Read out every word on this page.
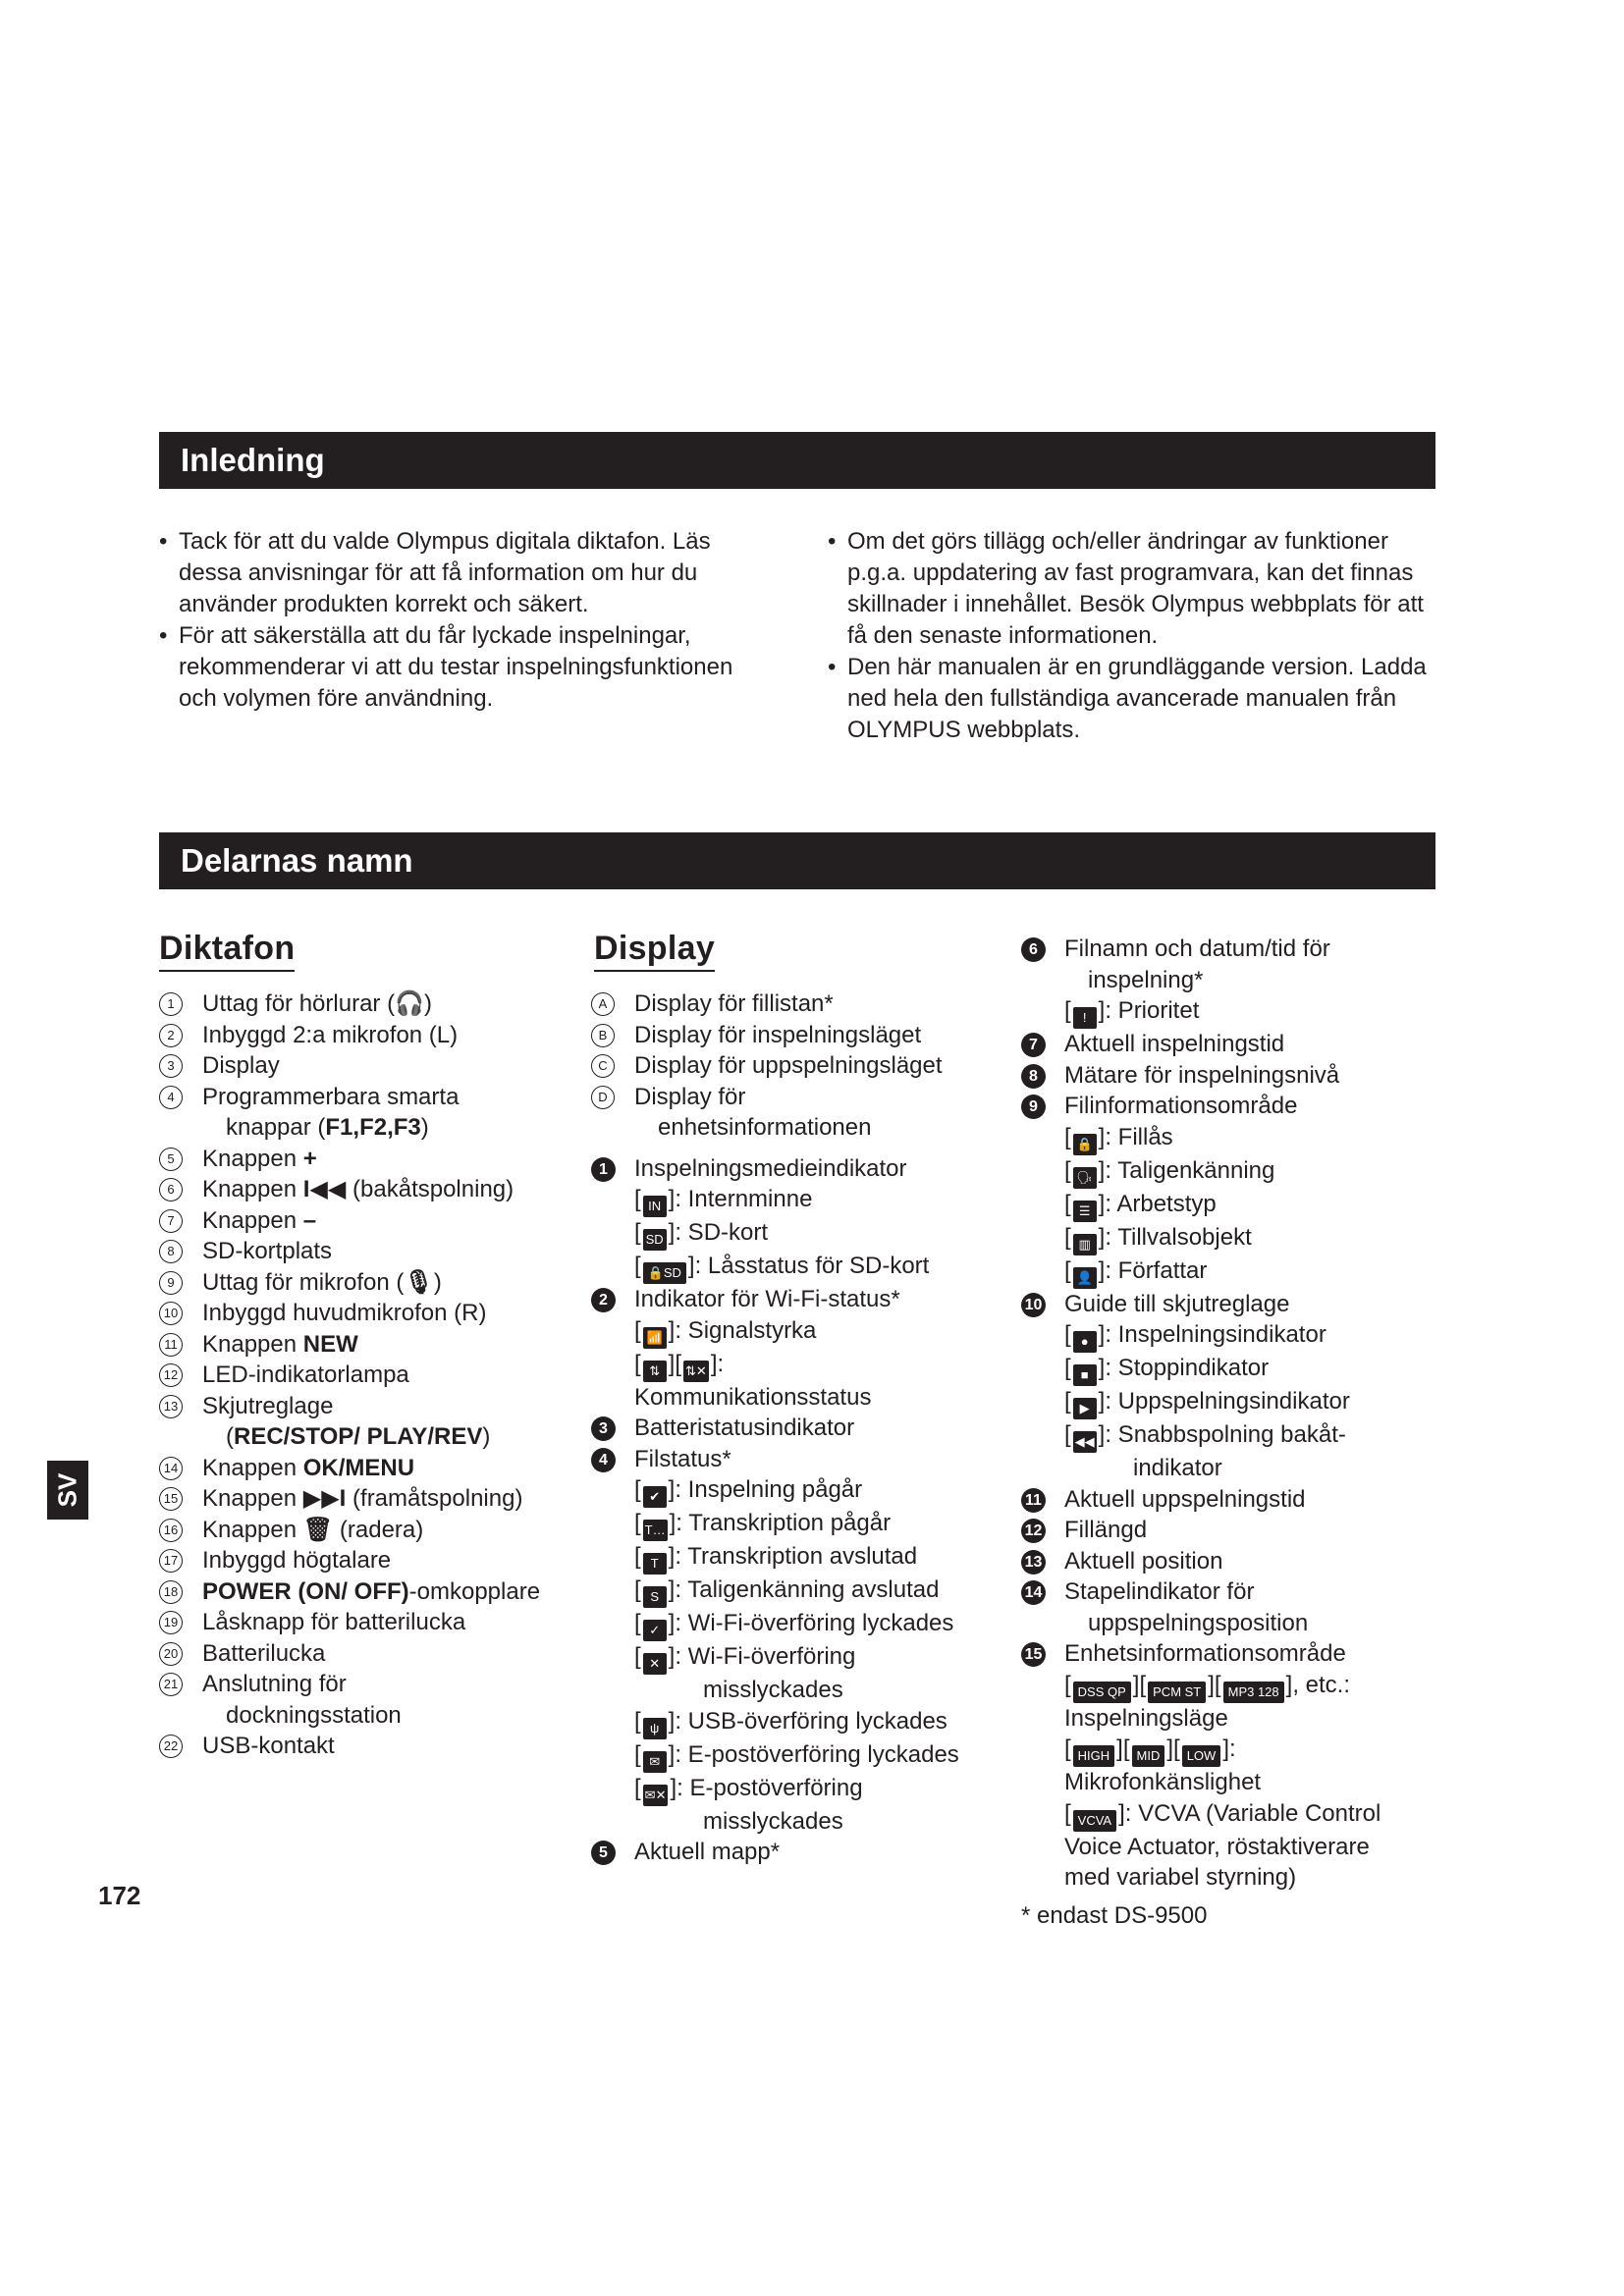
Inledning
• Tack för att du valde Olympus digitala diktafon. Läs dessa anvisningar för att få information om hur du använder produkten korrekt och säkert.
• För att säkerställa att du får lyckade inspelningar, rekommenderar vi att du testar inspelningsfunktionen och volymen före användning.
• Om det görs tillägg och/eller ändringar av funktioner p.g.a. uppdatering av fast programvara, kan det finnas skillnader i innehållet. Besök Olympus webbplats för att få den senaste informationen.
• Den här manualen är en grundläggande version. Ladda ned hela den fullständiga avancerade manualen från OLYMPUS webbplats.
Delarnas namn
Diktafon	Display
1	Uttag för hörlurar (🎧)
2	Inbyggd 2:a mikrofon (L)
3	Display
4	Programmerbara smarta
knappar (F1,F2,F3)
5	Knappen +
6	Knappen I◀◀ (bakåtspolning)
7	Knappen –
8	SD-kortplats
9	Uttag för mikrofon (🎙)
10 Inbyggd huvudmikrofon (R)
11 Knappen NEW
12 LED-indikatorlampa
13 Skjutreglage
(REC/STOP/ PLAY/REV)
14 Knappen OK/MENU
15 Knappen ▶▶I (framåtspolning)
16 Knappen 🗑 (radera)
17 Inbyggd högtalare
18 POWER (ON/ OFF)-omkopplare
19 Låsknapp för batterilucka
20 Batterilucka
21 Anslutning för
dockningsstation
22 USB-kontakt
A	Display för fillistan*
B	Display för inspelningsläget
C	Display för uppspelningsläget
D	Display för
enhetsinformationen
1	Inspelningsmedieindikator
[ IN ]: Internminne
[ SD ]: SD-kort
[ 🔒SD ]: Låsstatus för SD-kort
2	Indikator för Wi-Fi-status*
[ 📶 ]: Signalstyrka
[ ⇅ ][ ⇅✕ ]:
Kommunikationsstatus
3	Batteristatusindikator
4	Filstatus*
[ ✔ ]: Inspelning pågår
[ T… ]: Transkription pågår
[ T ]: Transkription avslutad
[ S ]: Taligenkänning avslutad
[ ✓ ]: Wi-Fi-överföring lyckades
[ ✕ ]: Wi-Fi-överföring
misslyckades
[ ψ ]: USB-överföring lyckades
[ ✉ ]: E-postöverföring lyckades
[ ✉✕ ]: E-postöverföring
misslyckades
5	Aktuell mapp*
6	Filnamn och datum/tid för
inspelning*
[ ! ]: Prioritet
7	Aktuell inspelningstid
8	Mätare för inspelningsnivå
9	Filinformationsområde
[ 🔒 ]: Fillås
[ 🗣 ]: Taligenkänning
[ ☰ ]: Arbetstyp
[ ▥ ]: Tillvalsobjekt
[ 👤 ]: Författar
10 Guide till skjutreglage
[ ● ]: Inspelningsindikator
[ ■ ]: Stoppindikator
[ ▶ ]: Uppspelningsindikator
[ ◀◀ ]: Snabbspolning bakåt-
indikator
11 Aktuell uppspelningstid
12 Fillängd
13 Aktuell position
14 Stapelindikator för
uppspelningsposition
15 Enhetsinformationsområde
[ DSS QP ][ PCM ST ][ MP3 128 ], etc.:
Inspelningsläge
[ HIGH ][ MID ][ LOW ]:
Mikrofonkänslighet
[ VCVA ]: VCVA (Variable Control
Voice Actuator, röstaktiverare
med variabel styrning)
SV
172
* endast DS-9500
